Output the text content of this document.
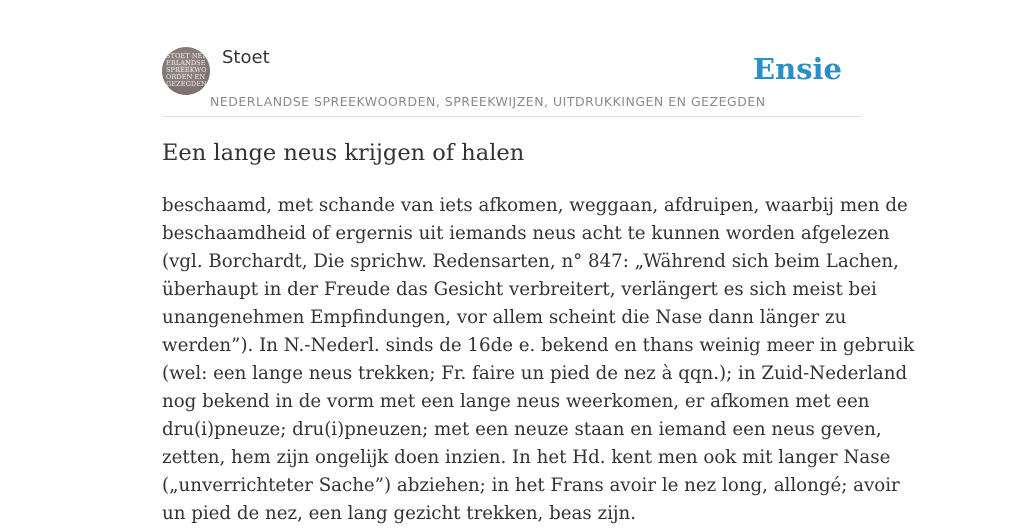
STOET NEDERLANDSE SPREEKWOORDEN EN GEZEGDEN
Stoet
NEDERLANDSE SPREEKWOORDEN, SPREEKWIJZEN, UITDRUKKINGEN EN GEZEGDEN
Ensie
Een lange neus krijgen of halen

beschaamd, met schande van iets afkomen, weggaan, afdruipen, waarbij men de
beschaamdheid of ergernis uit iemands neus acht te kunnen worden afgelezen
(vgl. Borchardt, Die sprichw. Redensarten, n° 847: „Während sich beim Lachen,
überhaupt in der Freude das Gesicht verbreitert, verlängert es sich meist bei
unangenehmen Empfindungen, vor allem scheint die Nase dann länger zu
werden”). In N.-Nederl. sinds de 16de e. bekend en thans weinig meer in gebruik
(wel: een lange neus trekken; Fr. faire un pied de nez à qqn.); in Zuid-Nederland
nog bekend in de vorm met een lange neus weerkomen, er afkomen met een
dru(i)pneuze; dru(i)pneuzen; met een neuze staan en iemand een neus geven,
zetten, hem zijn ongelijk doen inzien. In het Hd. kent men ook mit langer Nase
(„unverrichteter Sache”) abziehen; in het Frans avoir le nez long, allongé; avoir
un pied de nez, een lang gezicht trekken, beas zijn.
